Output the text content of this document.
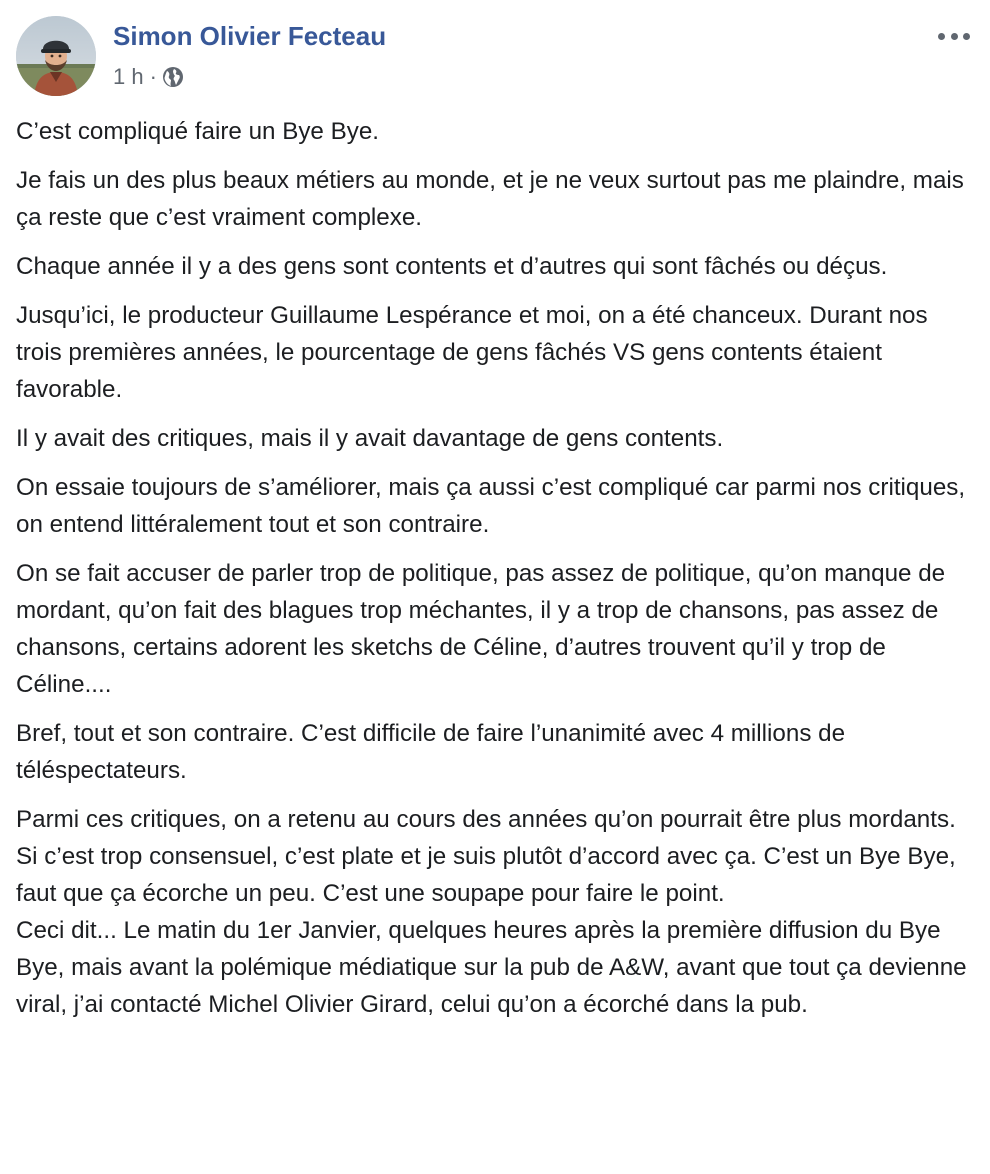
Simon Olivier Fecteau
1 h ·

C’est compliqué faire un Bye Bye.

Je fais un des plus beaux métiers au monde, et je ne veux surtout pas me plaindre, mais ça reste que c’est vraiment complexe.

Chaque année il y a des gens sont contents et d’autres qui sont fâchés ou déçus.

Jusqu’ici, le producteur Guillaume Lespérance et moi, on a été chanceux. Durant nos trois premières années, le pourcentage de gens fâchés VS gens contents étaient favorable.

Il y avait des critiques, mais il y avait davantage de gens contents.

On essaie toujours de s’améliorer, mais ça aussi c’est compliqué car parmi nos critiques, on entend littéralement tout et son contraire.

On se fait accuser de parler trop de politique, pas assez de politique, qu’on manque de mordant, qu’on fait des blagues trop méchantes, il y a trop de chansons, pas assez de chansons, certains adorent les sketchs de Céline, d’autres trouvent qu’il y trop de Céline....

Bref, tout et son contraire. C’est difficile de faire l’unanimité avec 4 millions de téléspectateurs.

Parmi ces critiques, on a retenu au cours des années qu’on pourrait être plus mordants. Si c’est trop consensuel, c’est plate et je suis plutôt d’accord avec ça. C’est un Bye Bye, faut que ça écorche un peu. C’est une soupape pour faire le point.

Ceci dit... Le matin du 1er Janvier, quelques heures après la première diffusion du Bye Bye, mais avant la polémique médiatique sur la pub de A&W, avant que tout ça devienne viral, j’ai contacté Michel Olivier Girard, celui qu’on a écorché dans la pub.
